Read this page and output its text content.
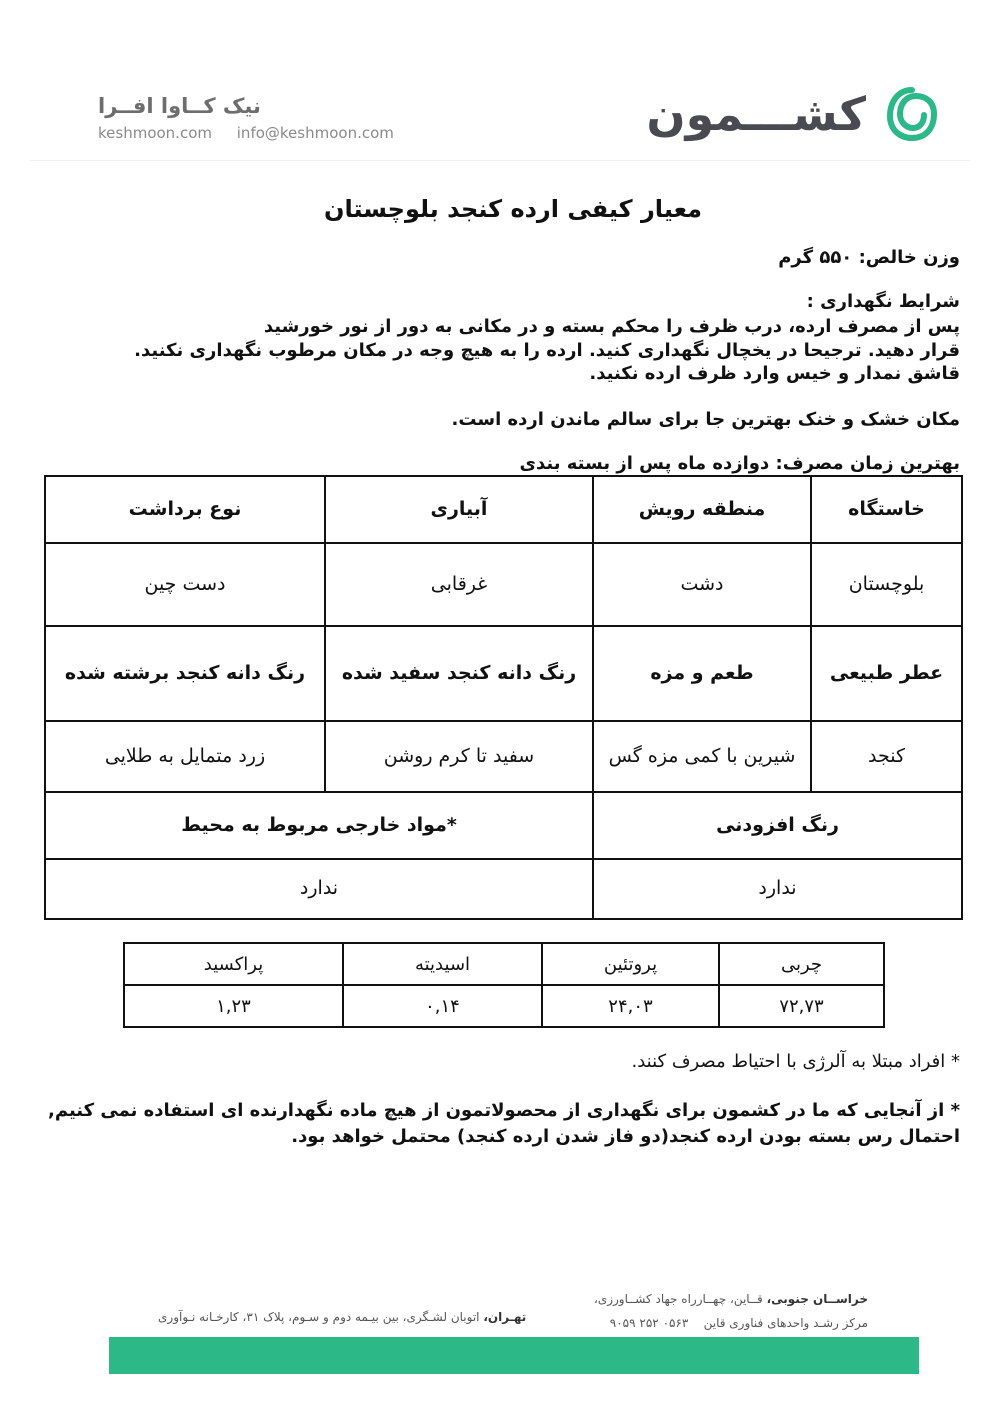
کشـــمون
نیک کــاوا افــرا
keshmoon.com info@keshmoon.com
معیار کیفی ارده کنجد بلوچستان
وزن خالص: ۵۵۰ گرم
شرایط نگهداری :
پس از مصرف ارده، درب ظرف را محکم بسته و در مکانی به دور از نور خورشید
قرار دهید. ترجیحا در یخچال نگهداری کنید. ارده را به هیچ وجه در مکان مرطوب نگهداری نکنید.
قاشق نمدار و خیس وارد ظرف ارده نکنید.
مکان خشک و خنک بهترین جا برای سالم ماندن ارده است.
بهترین زمان مصرف: دوازده ماه پس از بسته بندی
خاستگاه	منطقه رویش	آبیاری	نوع برداشت
بلوچستان	دشت	غرقابی	دست چین
عطر طبیعی	طعم و مزه	رنگ دانه کنجد سفید شده	رنگ دانه کنجد برشته شده
کنجد	شیرین با کمی مزه گس	سفید تا کرم روشن	زرد متمایل به طلایی
رنگ افزودنی		*مواد خارجی مربوط به محیط	
ندارد		ندارد	
چربی	پروتئین	اسیدیته	پراکسید
۷۲,۷۳	۲۴,۰۳	۰,۱۴	۱,۲۳
* افراد مبتلا به آلرژی با احتیاط مصرف کنند.
* از آنجایی که ما در کشمون برای نگهداری از محصولاتمون از هیچ ماده نگهدارنده ای استفاده نمی کنیم, احتمال رس بسته بودن ارده کنجد(دو فاز شدن ارده کنجد) محتمل خواهد بود.
خراســان جنوبی، قــاین، چهــارراه جهاد کشــاورزی،
مرکز رشـد واحدهای فناوری قاین    ۰۵۶۳ ۲۵۲ ۹۰۵۹
تهـران، اتوبان لشـگری، بین بیـمه دوم و سـوم، پلاک ۳۱، کارخـانه نـوآوری
